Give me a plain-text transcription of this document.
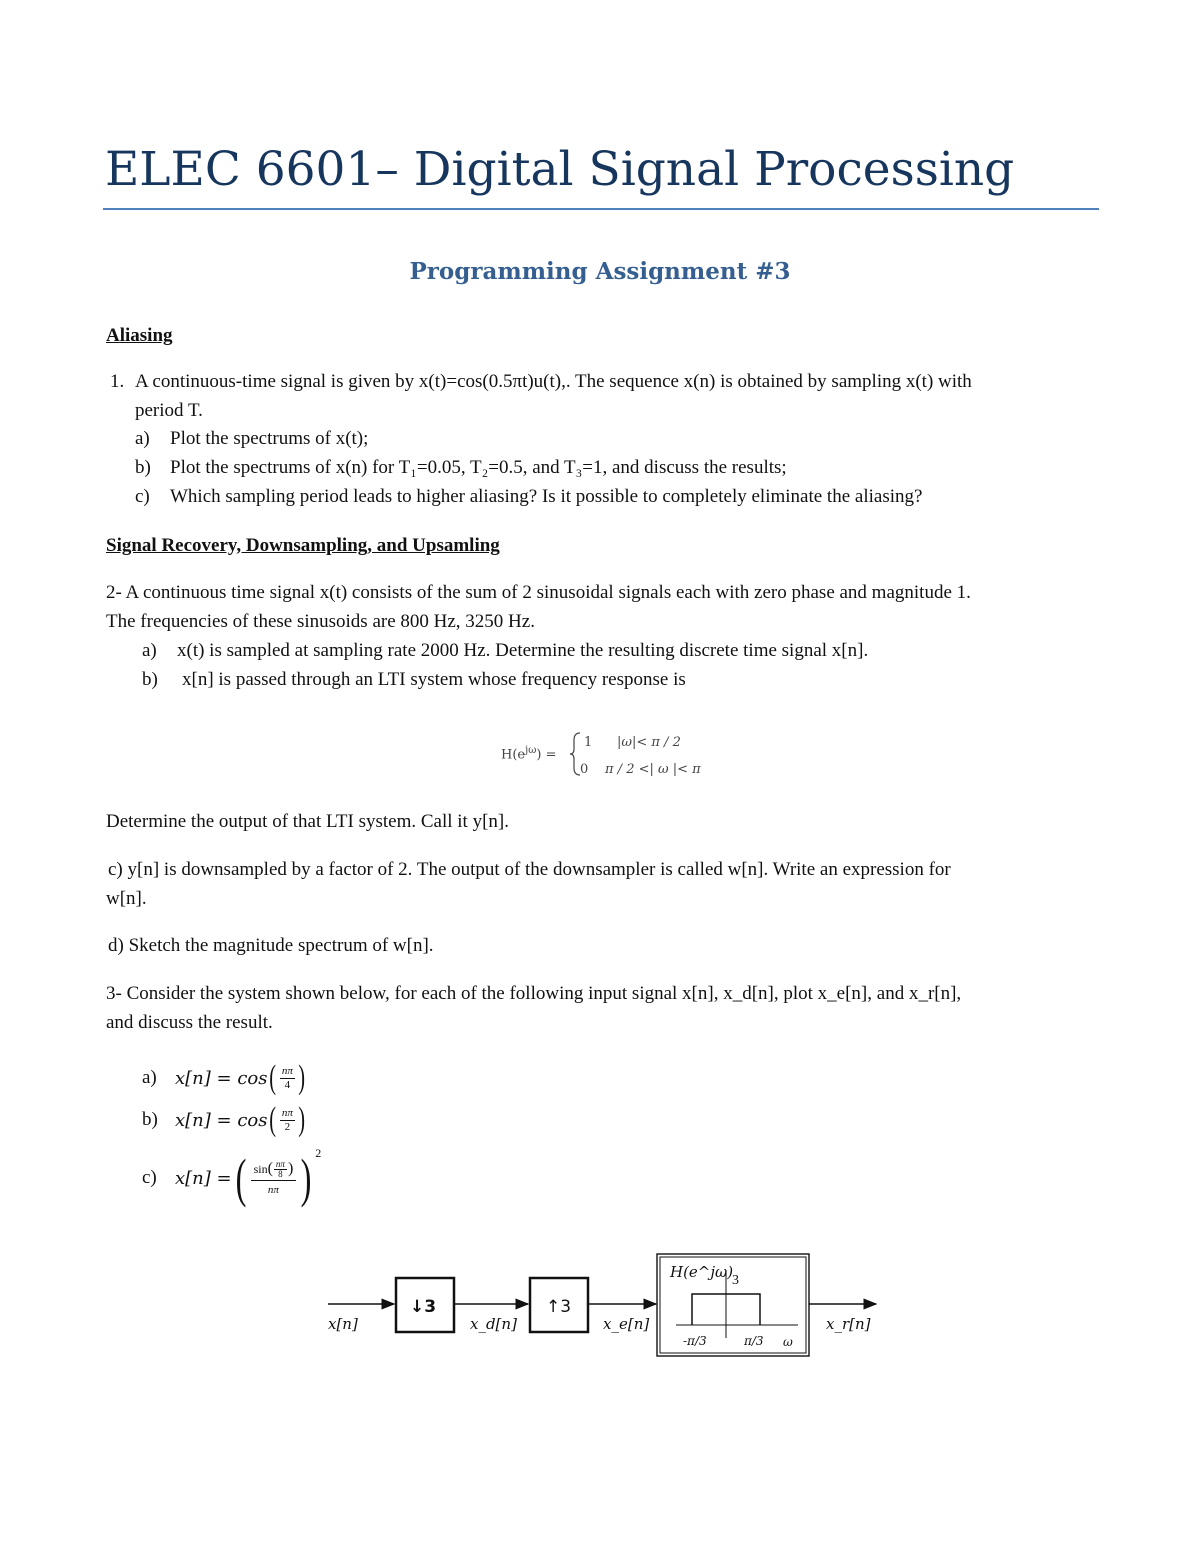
ELEC 6601– Digital Signal Processing
Programming Assignment #3
Aliasing
1. A continuous-time signal is given by x(t)=cos(0.5πt)u(t),. The sequence x(n) is obtained by sampling x(t) with
period T.
a) Plot the spectrums of x(t);
b) Plot the spectrums of x(n) for T₁=0.05, T₂=0.5, and T₃=1, and discuss the results;
c) Which sampling period leads to higher aliasing? Is it possible to completely eliminate the aliasing?
Signal Recovery, Downsampling, and Upsamling
2- A continuous time signal x(t) consists of the sum of 2 sinusoidal signals each with zero phase and magnitude 1.
The frequencies of these sinusoids are 800 Hz, 3250 Hz.
a) x(t) is sampled at sampling rate 2000 Hz. Determine the resulting discrete time signal x[n].
b) x[n] is passed through an LTI system whose frequency response is
$H(e^{j\omega})$ =
1 |ω|< π / 2
0 π / 2 <| ω |< π
Determine the output of that LTI system. Call it y[n].
c) y[n] is downsampled by a factor of 2. The output of the downsampler is called w[n]. Write an expression for
w[n].
d) Sketch the magnitude spectrum of w[n].
3- Consider the system shown below, for each of the following input signal x[n], x_d[n], plot x_e[n], and x_r[n],
and discuss the result.
a)	x[n] = cos ( $\frac{n\pi}{4}$ )
b) x[n] = cos ( $\frac{n\pi}{2}$ )
c)	x[n] = ( $\frac{\sin( \frac{n\pi}{8} )}{n\pi}$ ) $^2$
x[n]
↓3
x_d[n]
↑3
x_e[n]
H(e^jω)
3
-π/3	π/3 ω
x_r[n]
